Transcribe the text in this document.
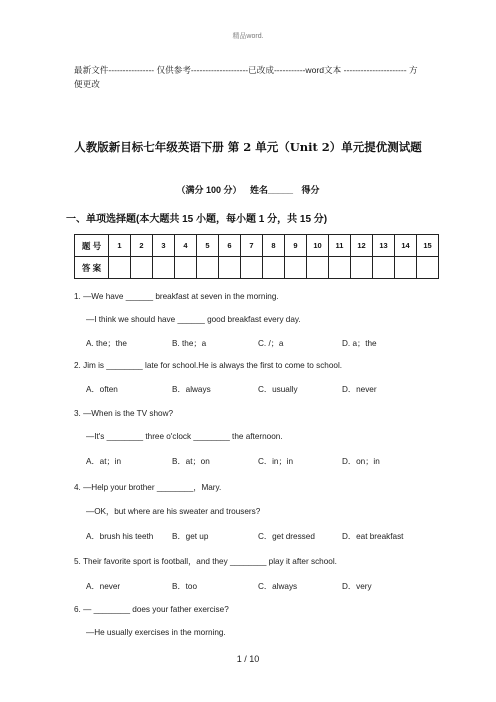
精品word.
最新文件---------------- 仅供参考--------------------已改成-----------word文本 ---------------------- 方便更改
人教版新目标七年级英语下册 第 2 单元（Unit 2）单元提优测试题
（满分 100 分） 姓名_____ 得分
一、单项选择题(本大题共 15 小题，每小题 1 分，共 15 分)
题 号	1	2	3	4	5	6	7	8	9	10	11	12	13	14	15
答 案															
1. —We have ______ breakfast at seven in the morning.
—I think we should have ______ good breakfast every day.
A. the；the	B. the；a	C. /；a	D. a；the
2. Jim is ________ late for school.He is always the first to come to school.
A．often	B．always	C．usually	D．never
3. —When is the TV show?
—It's ________ three o'clock ________ the afternoon.
A．at；in	B．at；on	C．in；in	D．on；in
4. —Help your brother ________，Mary.
—OK，but where are his sweater and trousers?
A．brush his teeth B．get up	C．get dressed	D．eat breakfast
5. Their favorite sport is football，and they ________ play it after school.
A．never	B．too	C．always	D．very
6. — ________ does your father exercise?
—He usually exercises in the morning.
1 / 10
